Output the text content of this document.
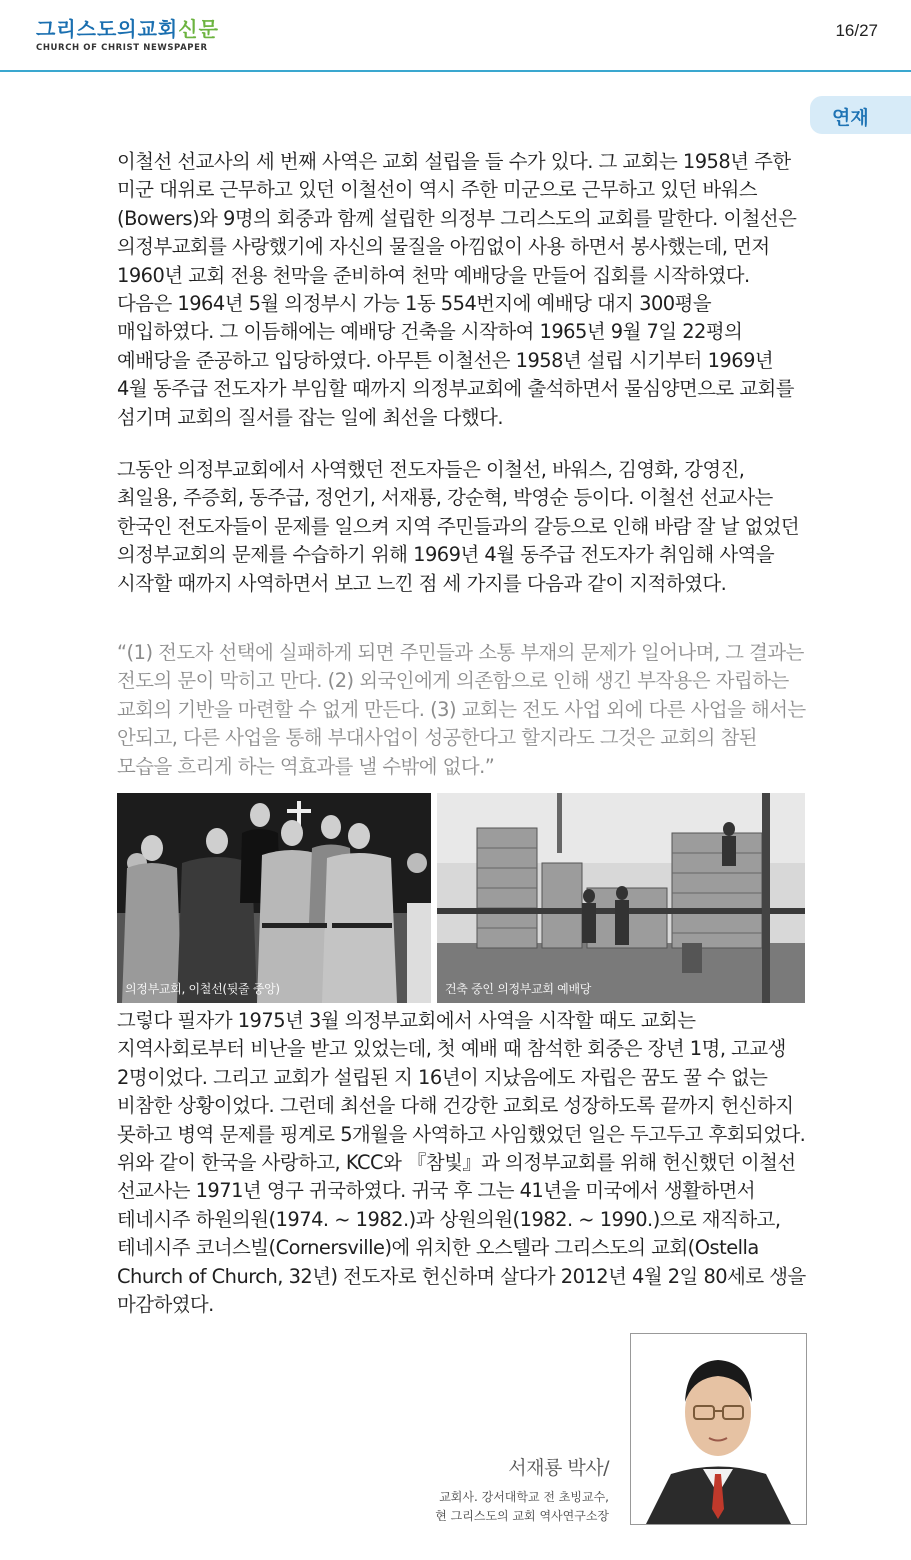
그리스도의교회신문
CHURCH OF CHRIST NEWSPAPER
16/27
연재

이철선 선교사의 세 번째 사역은 교회 설립을 들 수가 있다. 그 교회는 1958년 주한 미군 대위로 근무하고 있던 이철선이 역시 주한 미군으로 근무하고 있던 바워스(Bowers)와 9명의 회중과 함께 설립한 의정부 그리스도의 교회를 말한다. 이철선은 의정부교회를 사랑했기에 자신의 물질을 아낌없이 사용 하면서 봉사했는데, 먼저 1960년 교회 전용 천막을 준비하여 천막 예배당을 만들어 집회를 시작하였다. 다음은 1964년 5월 의정부시 가능 1동 554번지에 예배당 대지 300평을 매입하였다. 그 이듬해에는 예배당 건축을 시작하여 1965년 9월 7일 22평의 예배당을 준공하고 입당하였다. 아무튼 이철선은 1958년 설립 시기부터 1969년 4월 동주급 전도자가 부임할 때까지 의정부교회에 출석하면서 물심양면으로 교회를 섬기며 교회의 질서를 잡는 일에 최선을 다했다.

그동안 의정부교회에서 사역했던 전도자들은 이철선, 바워스, 김영화, 강영진, 최일용, 주증회, 동주급, 정언기, 서재룡, 강순혁, 박영순 등이다. 이철선 선교사는 한국인 전도자들이 문제를 일으켜 지역 주민들과의 갈등으로 인해 바람 잘 날 없었던 의정부교회의 문제를 수습하기 위해 1969년 4월 동주급 전도자가 취임해 사역을 시작할 때까지 사역하면서 보고 느낀 점 세 가지를 다음과 같이 지적하였다.

“(1) 전도자 선택에 실패하게 되면 주민들과 소통 부재의 문제가 일어나며, 그 결과는 전도의 문이 막히고 만다. (2) 외국인에게 의존함으로 인해 생긴 부작용은 자립하는 교회의 기반을 마련할 수 없게 만든다. (3) 교회는 전도 사업 외에 다른 사업을 해서는 안되고, 다른 사업을 통해 부대사업이 성공한다고 할지라도 그것은 교회의 참된 모습을 흐리게 하는 역효과를 낼 수밖에 없다.”

의정부교회, 이철선(뒷줄 중앙)	건축 중인 의정부교회 예배당

그렇다 필자가 1975년 3월 의정부교회에서 사역을 시작할 때도 교회는 지역사회로부터 비난을 받고 있었는데, 첫 예배 때 참석한 회중은 장년 1명, 고교생 2명이었다. 그리고 교회가 설립된 지 16년이 지났음에도 자립은 꿈도 꿀 수 없는 비참한 상황이었다. 그런데 최선을 다해 건강한 교회로 성장하도록 끝까지 헌신하지 못하고 병역 문제를 핑계로 5개월을 사역하고 사임했었던 일은 두고두고 후회되었다. 위와 같이 한국을 사랑하고, KCC와 『참빛』과 의정부교회를 위해 헌신했던 이철선 선교사는 1971년 영구 귀국하였다. 귀국 후 그는 41년을 미국에서 생활하면서 테네시주 하원의원(1974. ~ 1982.)과 상원의원(1982. ~ 1990.)으로 재직하고, 테네시주 코너스빌(Cornersville)에 위치한 오스텔라 그리스도의 교회(Ostella Church of Church, 32년) 전도자로 헌신하며 살다가 2012년 4월 2일 80세로 생을 마감하였다.

서재룡 박사/
교회사. 강서대학교 전 초빙교수,
현 그리스도의 교회 역사연구소장
